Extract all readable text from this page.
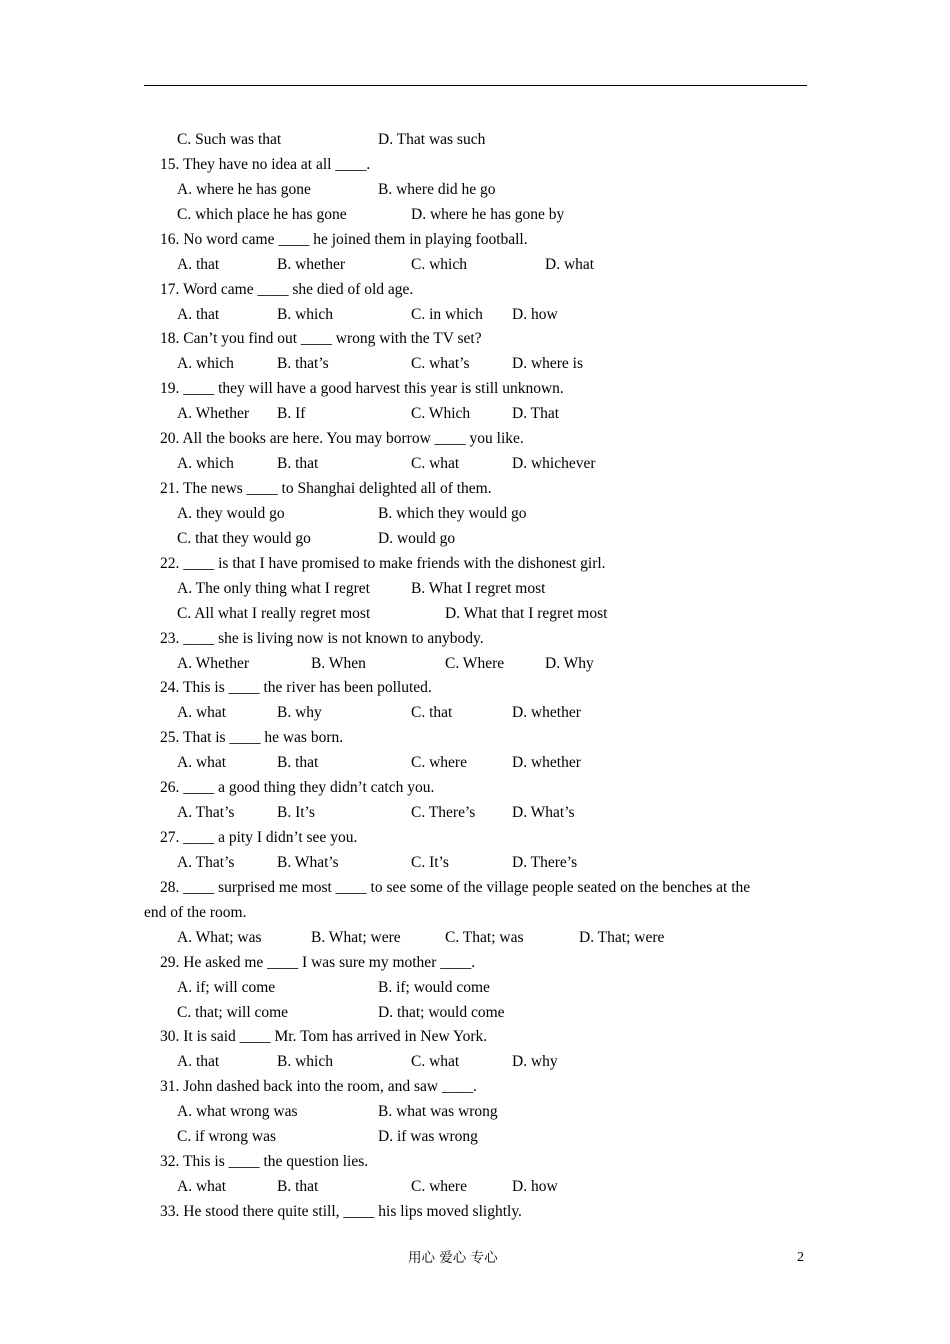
C. Such was that	D. That was such
15. They have no idea at all ____.
A. where he has gone	B. where did he go
C. which place he has gone	D. where he has gone by
16. No word came ____ he joined them in playing football.
A. that	B. whether	C. which	D. what
17. Word came ____ she died of old age.
A. that	B. which	C. in which D. how
18. Can’t you find out ____ wrong with the TV set?
A. which	B. that’s	C. what’s	D. where is
19. ____ they will have a good harvest this year is still unknown.
A. Whether B. If	C. Which	D. That
20. All the books are here. You may borrow ____ you like.
A. which	B. that	C. what	D. whichever
21. The news ____ to Shanghai delighted all of them.
A. they would go	B. which they would go
C. that they would go	D. would go
22. ____ is that I have promised to make friends with the dishonest girl.
A. The only thing what I regret	B. What I regret most
C. All what I really regret most	D. What that I regret most
23. ____ she is living now is not known to anybody.
A. Whether	B. When	C. Where	D. Why
24. This is ____ the river has been polluted.
A. what	B. why	C. that	D. whether
25. That is ____ he was born.
A. what	B. that	C. where	D. whether
26. ____ a good thing they didn’t catch you.
A. That’s	B. It’s	C. There’s D. What’s
27. ____ a pity I didn’t see you.
A. That’s	B. What’s	C. It’s	D. There’s
28. ____ surprised me most ____ to see some of the village people seated on the benches at the
end of the room.
A. What; was	B. What; were	C. That; was	D. That; were
29. He asked me ____ I was sure my mother ____.
A. if; will come	B. if; would come
C. that; will come	D. that; would come
30. It is said ____ Mr. Tom has arrived in New York.
A. that	B. which	C. what	D. why
31. John dashed back into the room, and saw ____.
A. what wrong was	B. what was wrong
C. if wrong was	D. if was wrong
32. This is ____ the question lies.
A. what	B. that	C. where	D. how
33. He stood there quite still, ____ his lips moved slightly.
用心 爱心 专心	2
